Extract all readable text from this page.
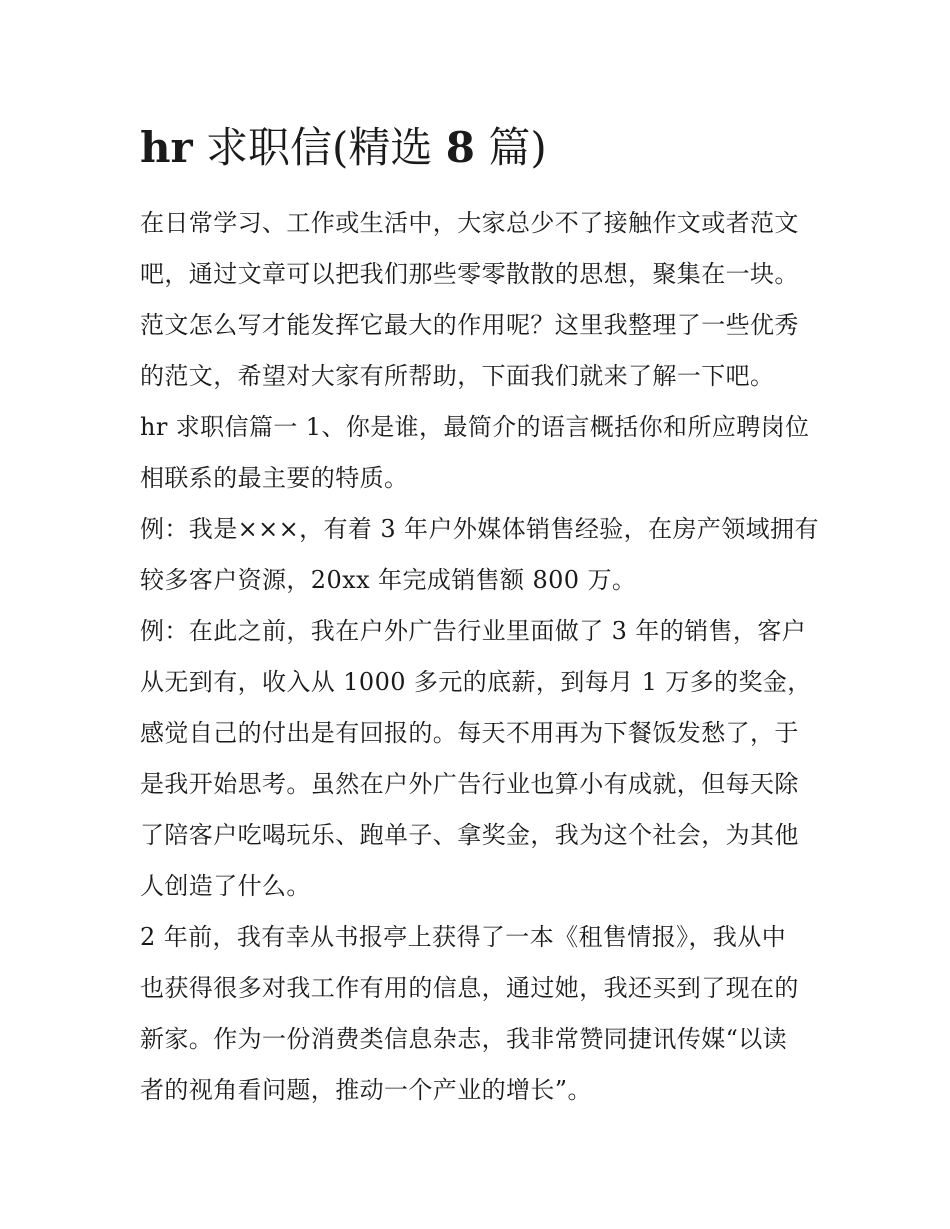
hr 求职信(精选 8 篇)
在日常学习、工作或生活中，大家总少不了接触作文或者范文
吧，通过文章可以把我们那些零零散散的思想，聚集在一块。
范文怎么写才能发挥它最大的作用呢？这里我整理了一些优秀
的范文，希望对大家有所帮助，下面我们就来了解一下吧。
hr 求职信篇一 1、你是谁，最简介的语言概括你和所应聘岗位
相联系的最主要的特质。
例：我是×××，有着 3 年户外媒体销售经验，在房产领域拥有
较多客户资源，20xx 年完成销售额 800 万。
例：在此之前，我在户外广告行业里面做了 3 年的销售，客户
从无到有，收入从 1000 多元的底薪，到每月 1 万多的奖金，
感觉自己的付出是有回报的。每天不用再为下餐饭发愁了，于
是我开始思考。虽然在户外广告行业也算小有成就，但每天除
了陪客户吃喝玩乐、跑单子、拿奖金，我为这个社会，为其他
人创造了什么。
2 年前，我有幸从书报亭上获得了一本《租售情报》，我从中
也获得很多对我工作有用的信息，通过她，我还买到了现在的
新家。作为一份消费类信息杂志，我非常赞同捷讯传媒“以读
者的视角看问题，推动一个产业的增长”。
